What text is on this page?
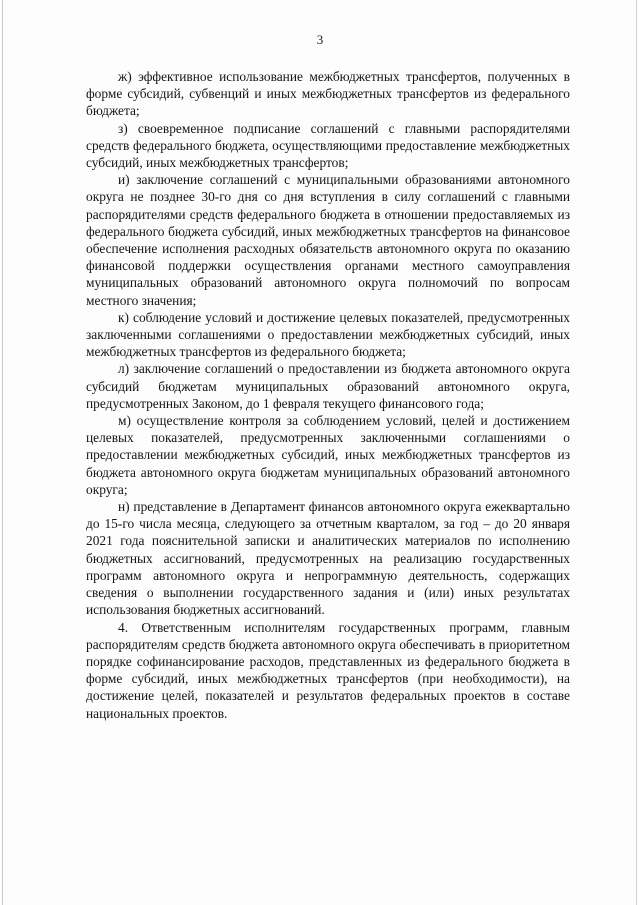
3

ж) эффективное использование межбюджетных трансфертов, полученных в форме субсидий, субвенций и иных межбюджетных трансфертов из федерального бюджета;

з) своевременное подписание соглашений с главными распорядителями средств федерального бюджета, осуществляющими предоставление межбюджетных субсидий, иных межбюджетных трансфертов;

и) заключение соглашений с муниципальными образованиями автономного округа не позднее 30-го дня со дня вступления в силу соглашений с главными распорядителями средств федерального бюджета в отношении предоставляемых из федерального бюджета субсидий, иных межбюджетных трансфертов на финансовое обеспечение исполнения расходных обязательств автономного округа по оказанию финансовой поддержки осуществления органами местного самоуправления муниципальных образований автономного округа полномочий по вопросам местного значения;

к) соблюдение условий и достижение целевых показателей, предусмотренных заключенными соглашениями о предоставлении межбюджетных субсидий, иных межбюджетных трансфертов из федерального бюджета;

л) заключение соглашений о предоставлении из бюджета автономного округа субсидий бюджетам муниципальных образований автономного округа, предусмотренных Законом, до 1 февраля текущего финансового года;

м) осуществление контроля за соблюдением условий, целей и достижением целевых показателей, предусмотренных заключенными соглашениями о предоставлении межбюджетных субсидий, иных межбюджетных трансфертов из бюджета автономного округа бюджетам муниципальных образований автономного округа;

н) представление в Департамент финансов автономного округа ежеквартально до 15-го числа месяца, следующего за отчетным кварталом, за год – до 20 января 2021 года пояснительной записки и аналитических материалов по исполнению бюджетных ассигнований, предусмотренных на реализацию государственных программ автономного округа и непрограммную деятельность, содержащих сведения о выполнении государственного задания и (или) иных результатах использования бюджетных ассигнований.

4. Ответственным исполнителям государственных программ, главным распорядителям средств бюджета автономного округа обеспечивать в приоритетном порядке софинансирование расходов, представленных из федерального бюджета в форме субсидий, иных межбюджетных трансфертов (при необходимости), на достижение целей, показателей и результатов федеральных проектов в составе национальных проектов.
